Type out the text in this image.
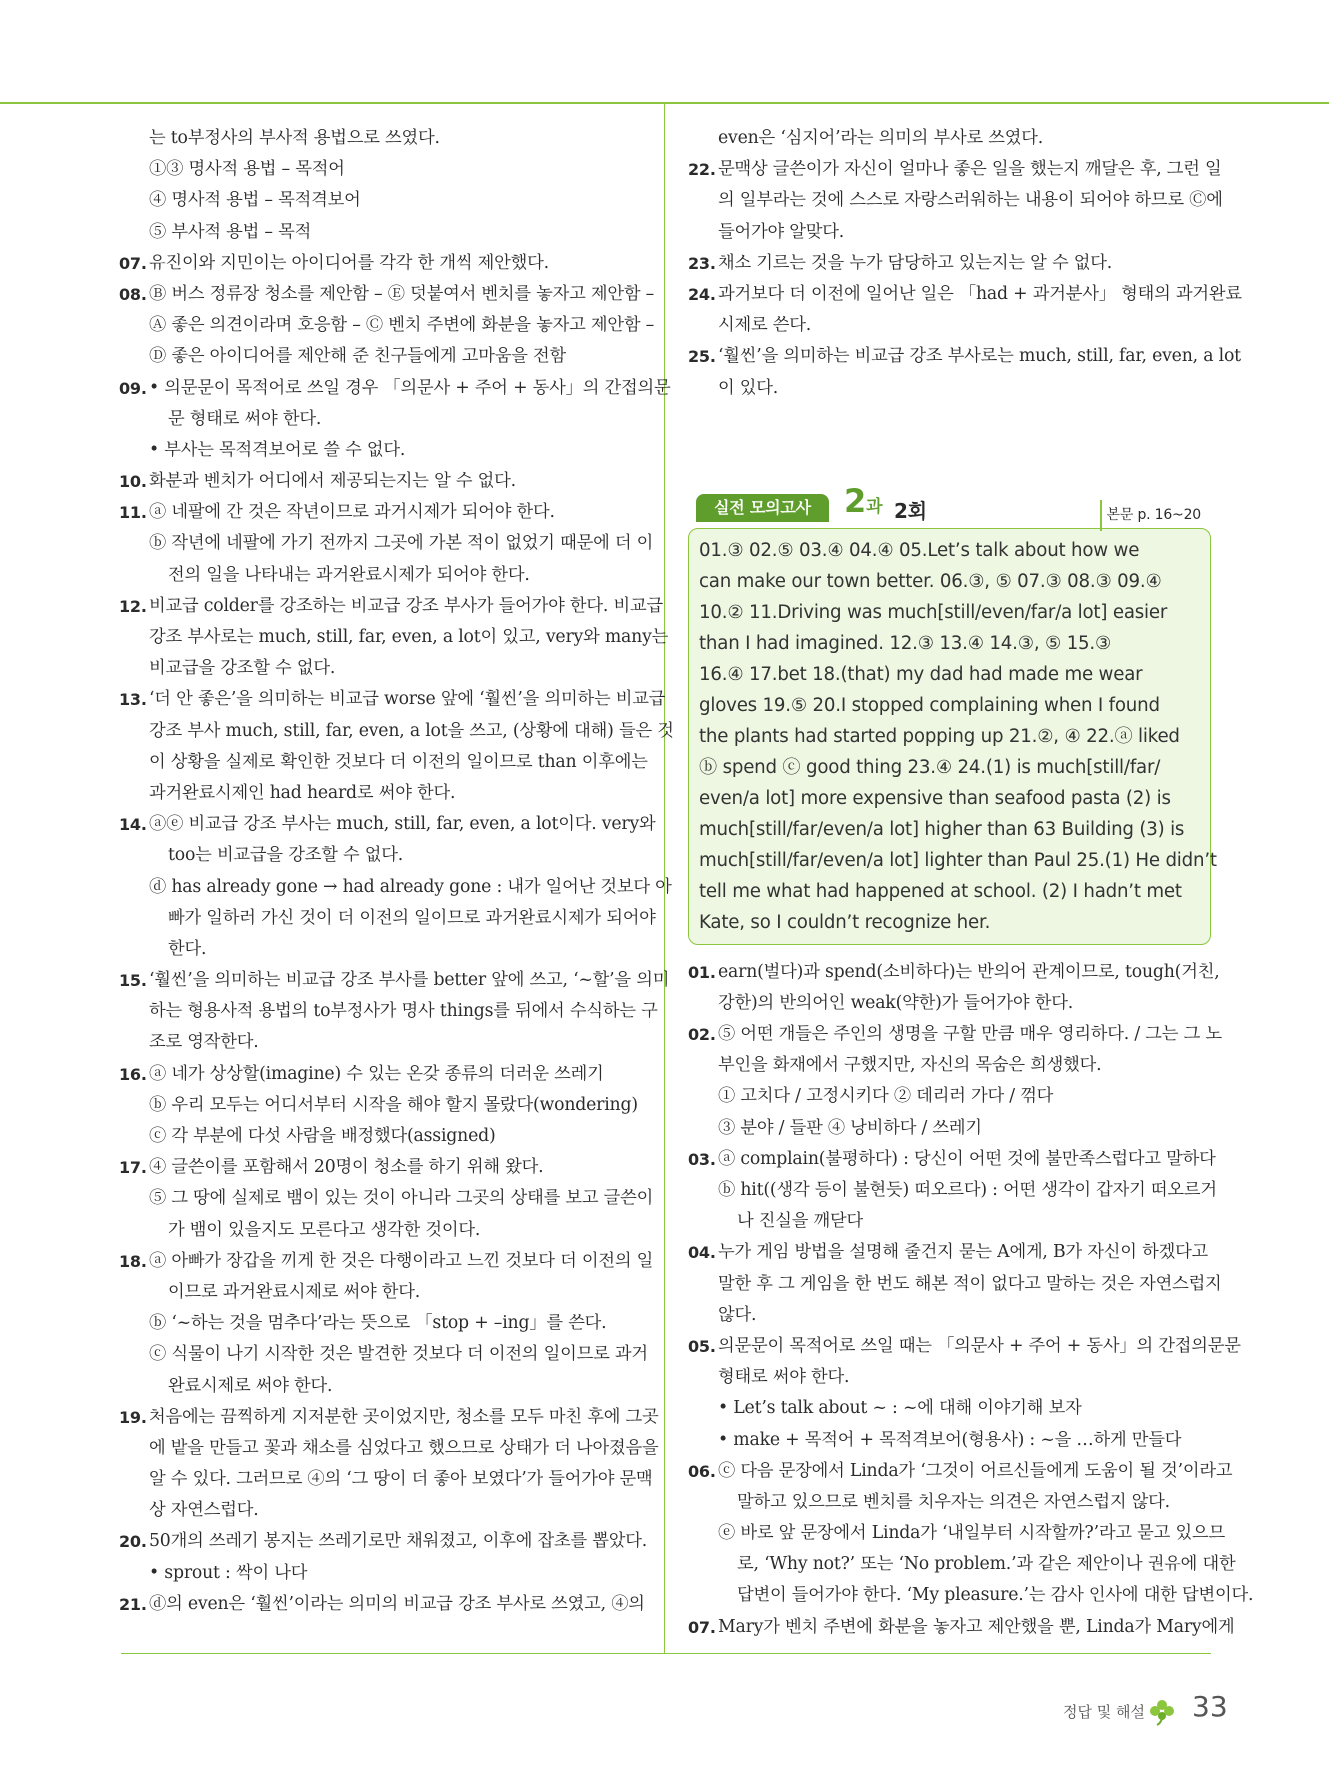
는 to부정사의 부사적 용법으로 쓰였다.
①③ 명사적 용법 – 목적어
④ 명사적 용법 – 목적격보어
⑤ 부사적 용법 – 목적
07. 유진이와 지민이는 아이디어를 각각 한 개씩 제안했다.
08. Ⓑ 버스 정류장 청소를 제안함 – Ⓔ 덧붙여서 벤치를 놓자고 제안함 –
Ⓐ 좋은 의견이라며 호응함 – Ⓒ 벤치 주변에 화분을 놓자고 제안함 –
Ⓓ 좋은 아이디어를 제안해 준 친구들에게 고마움을 전함
09. • 의문문이 목적어로 쓰일 경우 「의문사 + 주어 + 동사」의 간접의문
문 형태로 써야 한다.
• 부사는 목적격보어로 쓸 수 없다.
10. 화분과 벤치가 어디에서 제공되는지는 알 수 없다.
11. ⓐ 네팔에 간 것은 작년이므로 과거시제가 되어야 한다.
ⓑ 작년에 네팔에 가기 전까지 그곳에 가본 적이 없었기 때문에 더 이
전의 일을 나타내는 과거완료시제가 되어야 한다.
12. 비교급 colder를 강조하는 비교급 강조 부사가 들어가야 한다. 비교급
강조 부사로는 much, still, far, even, a lot이 있고, very와 many는
비교급을 강조할 수 없다.
13. ‘더 안 좋은’을 의미하는 비교급 worse 앞에 ‘훨씬’을 의미하는 비교급
강조 부사 much, still, far, even, a lot을 쓰고, (상황에 대해) 들은 것
이 상황을 실제로 확인한 것보다 더 이전의 일이므로 than 이후에는
과거완료시제인 had heard로 써야 한다.
14. ⓐⓔ 비교급 강조 부사는 much, still, far, even, a lot이다. very와
too는 비교급을 강조할 수 없다.
ⓓ has already gone → had already gone : 내가 일어난 것보다 아
빠가 일하러 가신 것이 더 이전의 일이므로 과거완료시제가 되어야
한다.
15. ‘훨씬’을 의미하는 비교급 강조 부사를 better 앞에 쓰고, ‘~할’을 의미
하는 형용사적 용법의 to부정사가 명사 things를 뒤에서 수식하는 구
조로 영작한다.
16. ⓐ 네가 상상할(imagine) 수 있는 온갖 종류의 더러운 쓰레기
ⓑ 우리 모두는 어디서부터 시작을 해야 할지 몰랐다(wondering)
ⓒ 각 부분에 다섯 사람을 배정했다(assigned)
17. ④ 글쓴이를 포함해서 20명이 청소를 하기 위해 왔다.
⑤ 그 땅에 실제로 뱀이 있는 것이 아니라 그곳의 상태를 보고 글쓴이
가 뱀이 있을지도 모른다고 생각한 것이다.
18. ⓐ 아빠가 장갑을 끼게 한 것은 다행이라고 느낀 것보다 더 이전의 일
이므로 과거완료시제로 써야 한다.
ⓑ ‘~하는 것을 멈추다’라는 뜻으로 「stop + –ing」를 쓴다.
ⓒ 식물이 나기 시작한 것은 발견한 것보다 더 이전의 일이므로 과거
완료시제로 써야 한다.
19. 처음에는 끔찍하게 지저분한 곳이었지만, 청소를 모두 마친 후에 그곳
에 밭을 만들고 꽃과 채소를 심었다고 했으므로 상태가 더 나아졌음을
알 수 있다. 그러므로 ④의 ‘그 땅이 더 좋아 보였다’가 들어가야 문맥
상 자연스럽다.
20. 50개의 쓰레기 봉지는 쓰레기로만 채워졌고, 이후에 잡초를 뽑았다.
• sprout : 싹이 나다
21. ⓓ의 even은 ‘훨씬’이라는 의미의 비교급 강조 부사로 쓰였고, ④의
even은 ‘심지어’라는 의미의 부사로 쓰였다.
22. 문맥상 글쓴이가 자신이 얼마나 좋은 일을 했는지 깨달은 후, 그런 일
의 일부라는 것에 스스로 자랑스러워하는 내용이 되어야 하므로 Ⓒ에
들어가야 알맞다.
23. 채소 기르는 것을 누가 담당하고 있는지는 알 수 없다.
24. 과거보다 더 이전에 일어난 일은 「had + 과거분사」 형태의 과거완료
시제로 쓴다.
25. ‘훨씬’을 의미하는 비교급 강조 부사로는 much, still, far, even, a lot
이 있다.
실전 모의고사	2과 2회	본문 p. 16~20
01.③ 02.⑤ 03.④ 04.④ 05.Let’s talk about how we
can make our town better. 06.③, ⑤ 07.③ 08.③ 09.④
10.② 11.Driving was much[still/even/far/a lot] easier
than I had imagined. 12.③ 13.④ 14.③, ⑤ 15.③
16.④ 17.bet 18.(that) my dad had made me wear
gloves 19.⑤ 20.I stopped complaining when I found
the plants had started popping up 21.②, ④ 22.ⓐ liked
ⓑ spend ⓒ good thing 23.④ 24.(1) is much[still/far/
even/a lot] more expensive than seafood pasta (2) is
much[still/far/even/a lot] higher than 63 Building (3) is
much[still/far/even/a lot] lighter than Paul 25.(1) He didn’t
tell me what had happened at school. (2) I hadn’t met
Kate, so I couldn’t recognize her.
01. earn(벌다)과 spend(소비하다)는 반의어 관계이므로, tough(거친,
강한)의 반의어인 weak(약한)가 들어가야 한다.
02. ⑤ 어떤 개들은 주인의 생명을 구할 만큼 매우 영리하다. / 그는 그 노
부인을 화재에서 구했지만, 자신의 목숨은 희생했다.
① 고치다 / 고정시키다 ② 데리러 가다 / 꺾다
③ 분야 / 들판 ④ 낭비하다 / 쓰레기
03. ⓐ complain(불평하다) : 당신이 어떤 것에 불만족스럽다고 말하다
ⓑ hit((생각 등이 불현듯) 떠오르다) : 어떤 생각이 갑자기 떠오르거
나 진실을 깨닫다
04. 누가 게임 방법을 설명해 줄건지 묻는 A에게, B가 자신이 하겠다고
말한 후 그 게임을 한 번도 해본 적이 없다고 말하는 것은 자연스럽지
않다.
05. 의문문이 목적어로 쓰일 때는 「의문사 + 주어 + 동사」의 간접의문문
형태로 써야 한다.
• Let’s talk about ~ : ~에 대해 이야기해 보자
• make + 목적어 + 목적격보어(형용사) : ~을 …하게 만들다
06. ⓒ 다음 문장에서 Linda가 ‘그것이 어르신들에게 도움이 될 것’이라고
말하고 있으므로 벤치를 치우자는 의견은 자연스럽지 않다.
ⓔ 바로 앞 문장에서 Linda가 ‘내일부터 시작할까?’라고 묻고 있으므
로, ‘Why not?’ 또는 ‘No problem.’과 같은 제안이나 권유에 대한
답변이 들어가야 한다. ‘My pleasure.’는 감사 인사에 대한 답변이다.
07. Mary가 벤치 주변에 화분을 놓자고 제안했을 뿐, Linda가 Mary에게
정답 및 해설 33
